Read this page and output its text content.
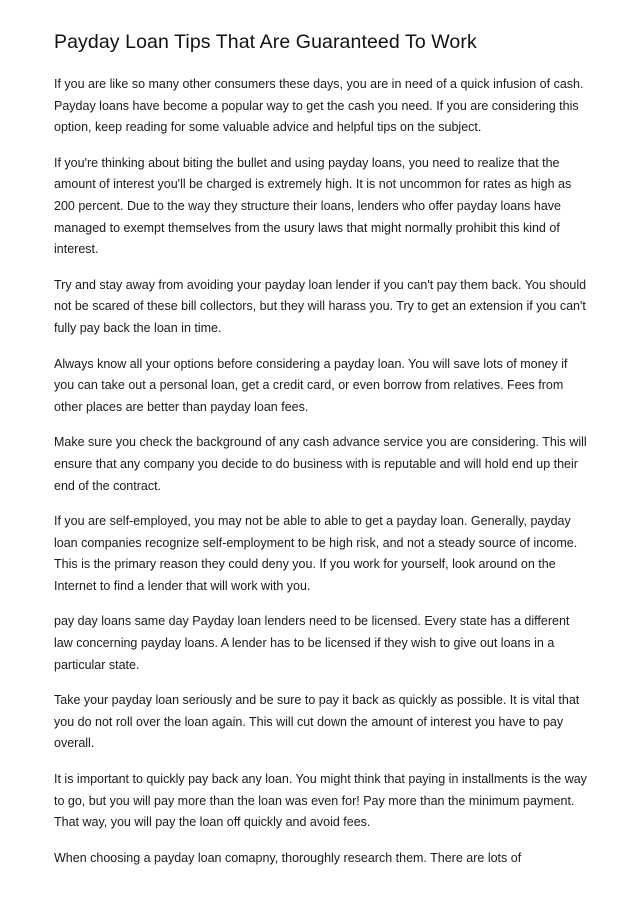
Payday Loan Tips That Are Guaranteed To Work

If you are like so many other consumers these days, you are in need of a quick infusion of cash. Payday loans have become a popular way to get the cash you need. If you are considering this option, keep reading for some valuable advice and helpful tips on the subject.

If you're thinking about biting the bullet and using payday loans, you need to realize that the amount of interest you'll be charged is extremely high. It is not uncommon for rates as high as 200 percent. Due to the way they structure their loans, lenders who offer payday loans have managed to exempt themselves from the usury laws that might normally prohibit this kind of interest.

Try and stay away from avoiding your payday loan lender if you can't pay them back. You should not be scared of these bill collectors, but they will harass you. Try to get an extension if you can't fully pay back the loan in time.

Always know all your options before considering a payday loan. You will save lots of money if you can take out a personal loan, get a credit card, or even borrow from relatives. Fees from other places are better than payday loan fees.

Make sure you check the background of any cash advance service you are considering. This will ensure that any company you decide to do business with is reputable and will hold end up their end of the contract.

If you are self-employed, you may not be able to able to get a payday loan. Generally, payday loan companies recognize self-employment to be high risk, and not a steady source of income. This is the primary reason they could deny you. If you work for yourself, look around on the Internet to find a lender that will work with you.

pay day loans same day Payday loan lenders need to be licensed. Every state has a different law concerning payday loans. A lender has to be licensed if they wish to give out loans in a particular state.

Take your payday loan seriously and be sure to pay it back as quickly as possible. It is vital that you do not roll over the loan again. This will cut down the amount of interest you have to pay overall.

It is important to quickly pay back any loan. You might think that paying in installments is the way to go, but you will pay more than the loan was even for! Pay more than the minimum payment. That way, you will pay the loan off quickly and avoid fees.

When choosing a payday loan comapny, thoroughly research them. There are lots of
